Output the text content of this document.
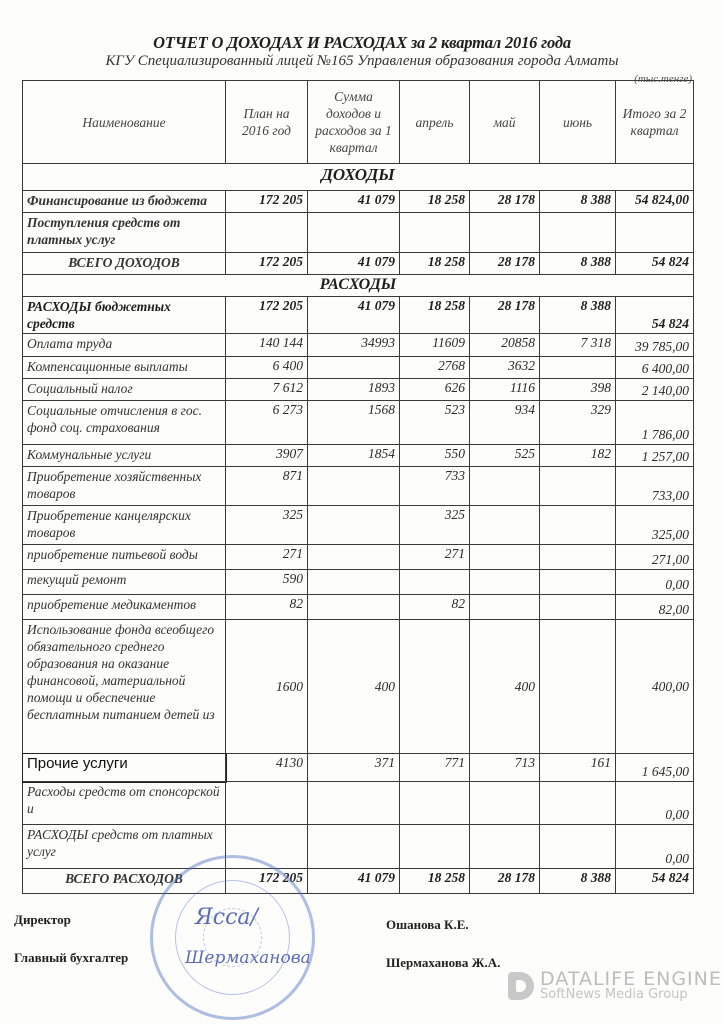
ОТЧЕТ О ДОХОДАХ И РАСХОДАХ за 2 квартал 2016 года
КГУ Специализированный лицей №165 Управления образования города Алматы
(тыс.тенге)
Наименование	План на 2016 год	Сумма доходов и расходов за 1 квартал	апрель	май	июнь	Итого за 2 квартал
ДОХОДЫ						
Финансирование из бюджета	172 205	41 079	18 258	28 178	8 388	54 824,00
Поступления средств от платных услуг						
ВСЕГО ДОХОДОВ	172 205	41 079	18 258	28 178	8 388	54 824
РАСХОДЫ						
РАСХОДЫ бюджетных средств	172 205	41 079	18 258	28 178	8 388	54 824
Оплата труда	140 144	34993	11609	20858	7 318	39 785,00
Компенсационные выплаты	6 400		2768	3632		6 400,00
Социальный налог	7 612	1893	626	1116	398	2 140,00
Социальные отчисления в гос. фонд соц. страхования	6 273	1568	523	934	329	1 786,00
Коммунальные услуги	3907	1854	550	525	182	1 257,00
Приобретение хозяйственных товаров	871		733			733,00
Приобретение канцелярских товаров	325		325			325,00
приобретение питьевой воды	271		271			271,00
текущий ремонт	590					0,00
приобретение медикаментов	82		82			82,00

Использование фонда всеобщего обязательного среднего образования на оказание финансовой, материальной помощи и обеспечение бесплатным питанием детей из	1600	400		400		400,00
Прочие услуги	4130	371	771	713	161	1 645,00
Расходы средств от спонсорской и						0,00
РАСХОДЫ средств от платных услуг						0,00
ВСЕГО РАСХОДОВ	172 205	41 079	18 258	28 178	8 388	54 824
Ясса/
Шермаханова
Директор
Главный бухгалтер
Ошанова К.Е.
Шермаханова Ж.А.
DATALIFE ENGINE
SoftNews Media Group
